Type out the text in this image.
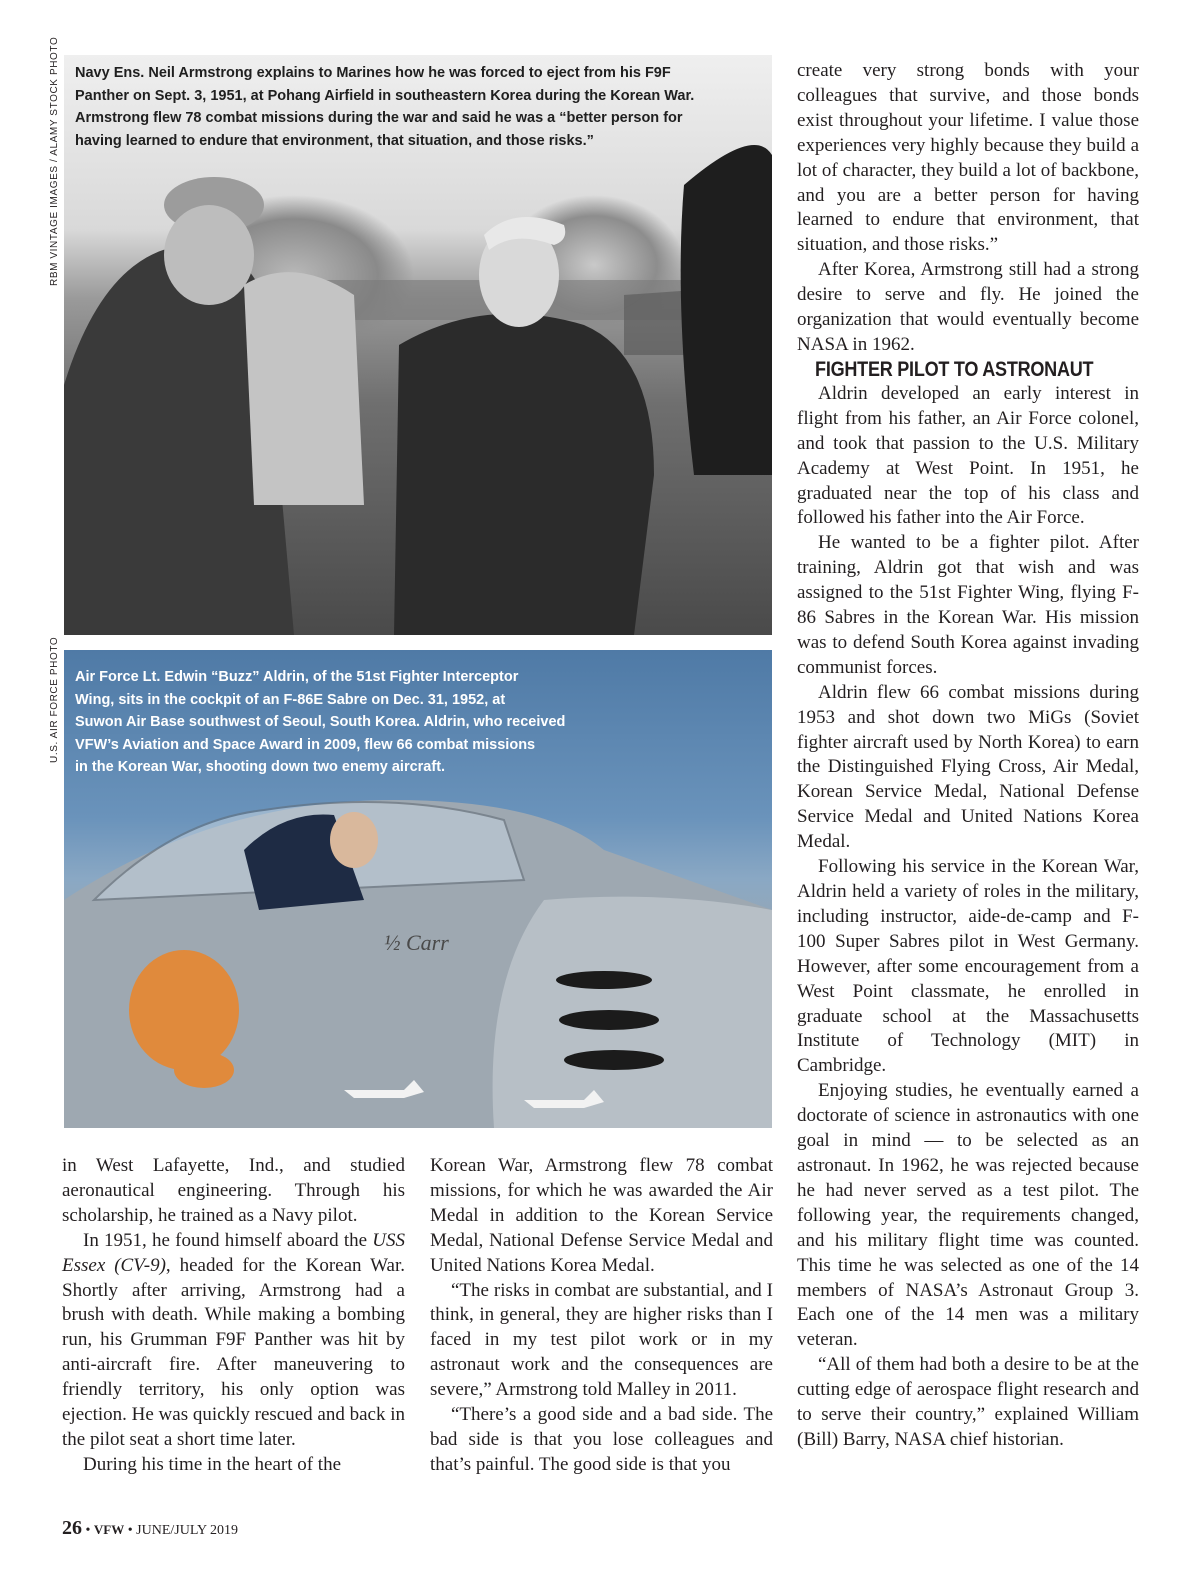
RBM VINTAGE IMAGES / ALAMY STOCK PHOTO
U.S. AIR FORCE PHOTO
Navy Ens. Neil Armstrong explains to Marines how he was forced to eject from his F9F
Panther on Sept. 3, 1951, at Pohang Airfield in southeastern Korea during the Korean War.
Armstrong flew 78 combat missions during the war and said he was a “better person for
having learned to endure that environment, that situation, and those risks.”
½ Carr
Air Force Lt. Edwin “Buzz” Aldrin, of the 51st Fighter Interceptor
Wing, sits in the cockpit of an F-86E Sabre on Dec. 31, 1952, at
Suwon Air Base southwest of Seoul, South Korea. Aldrin, who received
VFW’s Aviation and Space Award in 2009, flew 66 combat missions
in the Korean War, shooting down two enemy aircraft.

in West Lafayette, Ind., and studied aeronautical engineering. Through his scholarship, he trained as a Navy pilot.

In 1951, he found himself aboard the USS Essex (CV-9), headed for the Korean War. Shortly after arriving, Armstrong had a brush with death. While making a bombing run, his Grumman F9F Panther was hit by anti-aircraft fire. After maneuvering to friendly territory, his only option was ejection. He was quickly rescued and back in the pilot seat a short time later.

During his time in the heart of the

Korean War, Armstrong flew 78 combat missions, for which he was awarded the Air Medal in addition to the Korean Service Medal, National Defense Service Medal and United Nations Korea Medal.

“The risks in combat are substantial, and I think, in general, they are higher risks than I faced in my test pilot work or in my astronaut work and the consequences are severe,” Armstrong told Malley in 2011.

“There’s a good side and a bad side. The bad side is that you lose colleagues and that’s painful. The good side is that you

create very strong bonds with your colleagues that survive, and those bonds exist throughout your lifetime. I value those experiences very highly because they build a lot of character, they build a lot of backbone, and you are a better person for having learned to endure that environment, that situation, and those risks.”

After Korea, Armstrong still had a strong desire to serve and fly. He joined the organization that would eventually become NASA in 1962.

FIGHTER PILOT TO ASTRONAUT

Aldrin developed an early interest in flight from his father, an Air Force colonel, and took that passion to the U.S. Military Academy at West Point. In 1951, he graduated near the top of his class and followed his father into the Air Force.

He wanted to be a fighter pilot. After training, Aldrin got that wish and was assigned to the 51st Fighter Wing, flying F-86 Sabres in the Korean War. His mission was to defend South Korea against invading communist forces.

Aldrin flew 66 combat missions during 1953 and shot down two MiGs (Soviet fighter aircraft used by North Korea) to earn the Distinguished Flying Cross, Air Medal, Korean Service Medal, National Defense Service Medal and United Nations Korea Medal.

Following his service in the Korean War, Aldrin held a variety of roles in the military, including instructor, aide-de-camp and F-100 Super Sabres pilot in West Germany. However, after some encouragement from a West Point classmate, he enrolled in graduate school at the Massachusetts Institute of Technology (MIT) in Cambridge.

Enjoying studies, he eventually earned a doctorate of science in astronautics with one goal in mind — to be selected as an astronaut. In 1962, he was rejected because he had never served as a test pilot. The following year, the requirements changed, and his military flight time was counted. This time he was selected as one of the 14 members of NASA’s Astronaut Group 3. Each one of the 14 men was a military veteran.

“All of them had both a desire to be at the cutting edge of aerospace flight research and to serve their country,” explained William (Bill) Barry, NASA chief historian.

26 • VFW • JUNE/JULY 2019
